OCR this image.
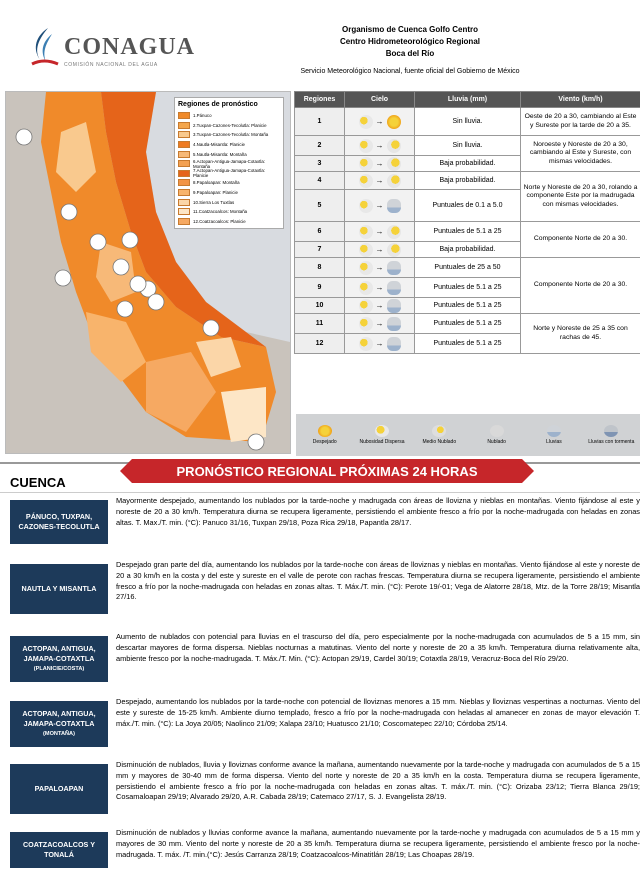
CONAGUA
COMISIÓN NACIONAL DEL AGUA
Organismo de Cuenca Golfo Centro
Centro Hidrometeorológico Regional
Boca del Río
Servicio Meteorológico Nacional, fuente oficial del Gobierno de México
Regiones de pronóstico
1.Pánuco
2.Tuxpan-Cazones-Tecolutla: Planicie
3.Tuxpan-Cazones-Tecolutla: Montaña
4.Nautla-Misantla: Planicie
5.Nautla-Misantla: Montaña
6.Actopan-Antigua-Jamapa-Cotaxtla: Montaña
7.Actopan-Antigua-Jamapa-Cotaxtla: Planicie
8.Papaloapan: Montaña
9.Papaloapan: Planicie
10.Sierra Los Tuxtlas
11.Coatzacoalcos: Montaña
12.Coatzacoalcos: Planicie
Regiones	Cielo	Lluvia (mm)	Viento (km/h)
1	→	Sin lluvia.	Oeste de 20 a 30, cambiando al Este y Sureste por la tarde de 20 a 35.
2	→	Sin lluvia.	Noroeste y Noreste de 20 a 30, cambiando al Este y Sureste, con mismas velocidades.
3	→	Baja probabilidad.	
4	→	Baja probabilidad.	Norte y Noreste de 20 a 30, rolando a componente Este por la madrugada con mismas velocidades.
5	→	Puntuales de 0.1 a 5.0	
6	→	Puntuales de 5.1 a 25	Componente Norte de 20 a 30.
7	→	Baja probabilidad.	
8	→	Puntuales de 25 a 50	Componente Norte de 20 a 30.
9	→	Puntuales de 5.1 a 25	
10	→	Puntuales de 5.1 a 25	
11	→	Puntuales de 5.1 a 25	Norte y Noreste de 25 a 35 con rachas de 45.
12	→	Puntuales de 5.1 a 25	
Despejado	Nubosidad Dispersa	Medio Nublado	Nublado	Lluvias	Lluvias con tormenta
CUENCA
PRONÓSTICO REGIONAL PRÓXIMAS 24 HORAS
PÁNUCO, TUXPAN, CAZONES-TECOLUTLA
Mayormente despejado, aumentando los nublados por la tarde-noche y madrugada con áreas de llovizna y nieblas en montañas. Viento fijándose al este y noreste de 20 a 30 km/h. Temperatura diurna se recupera ligeramente, persistiendo el ambiente fresco a frío por la noche-madrugada con heladas en zonas altas. T. Max./T. min. (°C): Panuco 31/16, Tuxpan 29/18, Poza Rica 29/18, Papantla 28/17.
NAUTLA Y MISANTLA
Despejado gran parte del día, aumentando los nublados por la tarde-noche con áreas de lloviznas y nieblas en montañas. Viento fijándose al este y noreste de 20 a 30 km/h en la costa y del este y sureste en el valle de perote con rachas frescas. Temperatura diurna se recupera ligeramente, persistiendo el ambiente fresco a frío por la noche-madrugada con heladas en zonas altas. T. Máx./T. min. (°C): Perote 19/-01; Vega de Alatorre 28/18, Mtz. de la Torre 28/19; Misantla 27/16.
ACTOPAN, ANTIGUA, JAMAPA-COTAXTLA
(PLANICIE/COSTA)
Aumento de nublados con potencial para lluvias en el trascurso del día, pero especialmente por la noche-madrugada con acumulados de 5 a 15 mm, sin descartar mayores de forma dispersa. Nieblas nocturnas a matutinas. Viento del norte y noreste de 20 a 35 km/h. Temperatura diurna relativamente alta, ambiente fresco por la noche-madrugada. T. Máx./T. Min. (°C): Actopan 29/19, Cardel 30/19; Cotaxtla 28/19, Veracruz-Boca del Río 29/20.
ACTOPAN, ANTIGUA, JAMAPA-COTAXTLA
(MONTAÑA)
Despejado, aumentando los nublados por la tarde-noche con potencial de lloviznas menores a 15 mm. Nieblas y lloviznas vespertinas a nocturnas. Viento del este y sureste de 15-25 km/h. Ambiente diurno templado, fresco a frío por la noche-madrugada con heladas al amanecer en zonas de mayor elevación T. máx./T. min. (°C): La Joya 20/05; Naolinco 21/09; Xalapa 23/10; Huatusco 21/10; Coscomatepec 22/10; Córdoba 25/14.
PAPALOAPAN
Disminución de nublados, lluvia y lloviznas conforme avance la mañana, aumentando nuevamente por la tarde-noche y madrugada con acumulados de 5 a 15 mm y mayores de 30-40 mm de forma dispersa. Viento del norte y noreste de 20 a 35 km/h en la costa. Temperatura diurna se recupera ligeramente, persistiendo el ambiente fresco a frío por la noche-madrugada con heladas en zonas altas. T. máx./T. min. (°C): Orizaba 23/12; Tierra Blanca 29/19; Cosamaloapan 29/19; Alvarado 29/20, A.R. Cabada 28/19; Catemaco 27/17, S. J. Evangelista 28/19.
COATZACOALCOS Y TONALÁ
Disminución de nublados y lluvias conforme avance la mañana, aumentando nuevamente por la tarde-noche y madrugada con acumulados de 5 a 15 mm y mayores de 30 mm. Viento del norte y noreste de 20 a 35 km/h. Temperatura diurna se recupera ligeramente, persistiendo el ambiente fresco por la noche-madrugada. T. máx. /T. min.(°C): Jesús Carranza 28/19; Coatzacoalcos-Minatitlán 28/19; Las Choapas 28/19.
